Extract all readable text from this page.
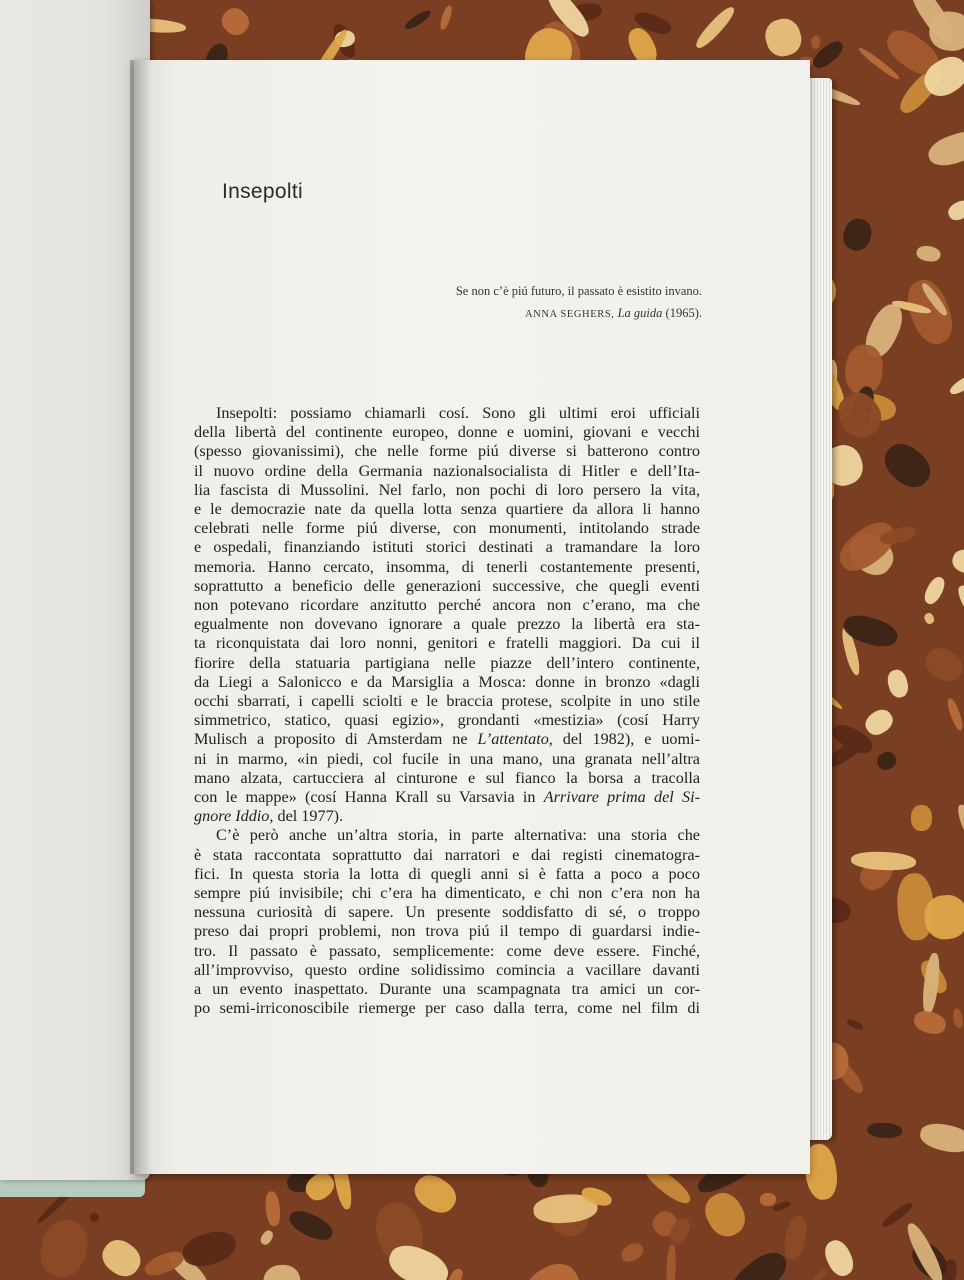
Insepolti
Se non c’è piú futuro, il passato è esistito invano.
ANNA SEGHERS, La guida (1965).
Insepolti: possiamo chiamarli cosí. Sono gli ultimi eroi ufficiali
della libertà del continente europeo, donne e uomini, giovani e vecchi
(spesso giovanissimi), che nelle forme piú diverse si batterono contro
il nuovo ordine della Germania nazionalsocialista di Hitler e dell’Ita-
lia fascista di Mussolini. Nel farlo, non pochi di loro persero la vita,
e le democrazie nate da quella lotta senza quartiere da allora li hanno
celebrati nelle forme piú diverse, con monumenti, intitolando strade
e ospedali, finanziando istituti storici destinati a tramandare la loro
memoria. Hanno cercato, insomma, di tenerli costantemente presenti,
soprattutto a beneficio delle generazioni successive, che quegli eventi
non potevano ricordare anzitutto perché ancora non c’erano, ma che
egualmente non dovevano ignorare a quale prezzo la libertà era sta-
ta riconquistata dai loro nonni, genitori e fratelli maggiori. Da cui il
fiorire della statuaria partigiana nelle piazze dell’intero continente,
da Liegi a Salonicco e da Marsiglia a Mosca: donne in bronzo «dagli
occhi sbarrati, i capelli sciolti e le braccia protese, scolpite in uno stile
simmetrico, statico, quasi egizio», grondanti «mestizia» (cosí Harry
Mulisch a proposito di Amsterdam ne L’attentato, del 1982), e uomi-
ni in marmo, «in piedi, col fucile in una mano, una granata nell’altra
mano alzata, cartucciera al cinturone e sul fianco la borsa a tracolla
con le mappe» (cosí Hanna Krall su Varsavia in Arrivare prima del Si-
gnore Iddio, del 1977).
C’è però anche un’altra storia, in parte alternativa: una storia che
è stata raccontata soprattutto dai narratori e dai registi cinematogra-
fici. In questa storia la lotta di quegli anni si è fatta a poco a poco
sempre piú invisibile; chi c’era ha dimenticato, e chi non c’era non ha
nessuna curiosità di sapere. Un presente soddisfatto di sé, o troppo
preso dai propri problemi, non trova piú il tempo di guardarsi indie-
tro. Il passato è passato, semplicemente: come deve essere. Finché,
all’improvviso, questo ordine solidissimo comincia a vacillare davanti
a un evento inaspettato. Durante una scampagnata tra amici un cor-
po semi-irriconoscibile riemerge per caso dalla terra, come nel film di
